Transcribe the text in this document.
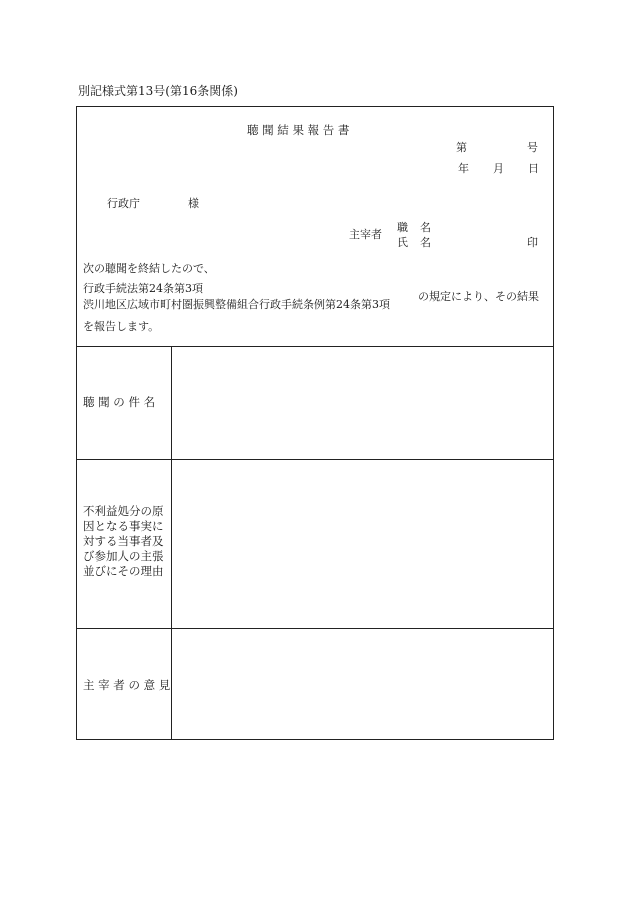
別記様式第13号(第16条関係)
聴 聞 結 果 報 告 書
第	号
年 月 日
行政庁	様
主宰者
職 名
氏 名	印
次の聴聞を終結したので、
行政手続法第24条第3項
渋川地区広域市町村圏振興整備組合行政手続条例第24条第3項
の規定により、その結果
を報告します。
聴 聞 の 件 名
不利益処分の原因となる事実に対する当事者及び参加人の主張並びにその理由
主 宰 者 の 意 見
